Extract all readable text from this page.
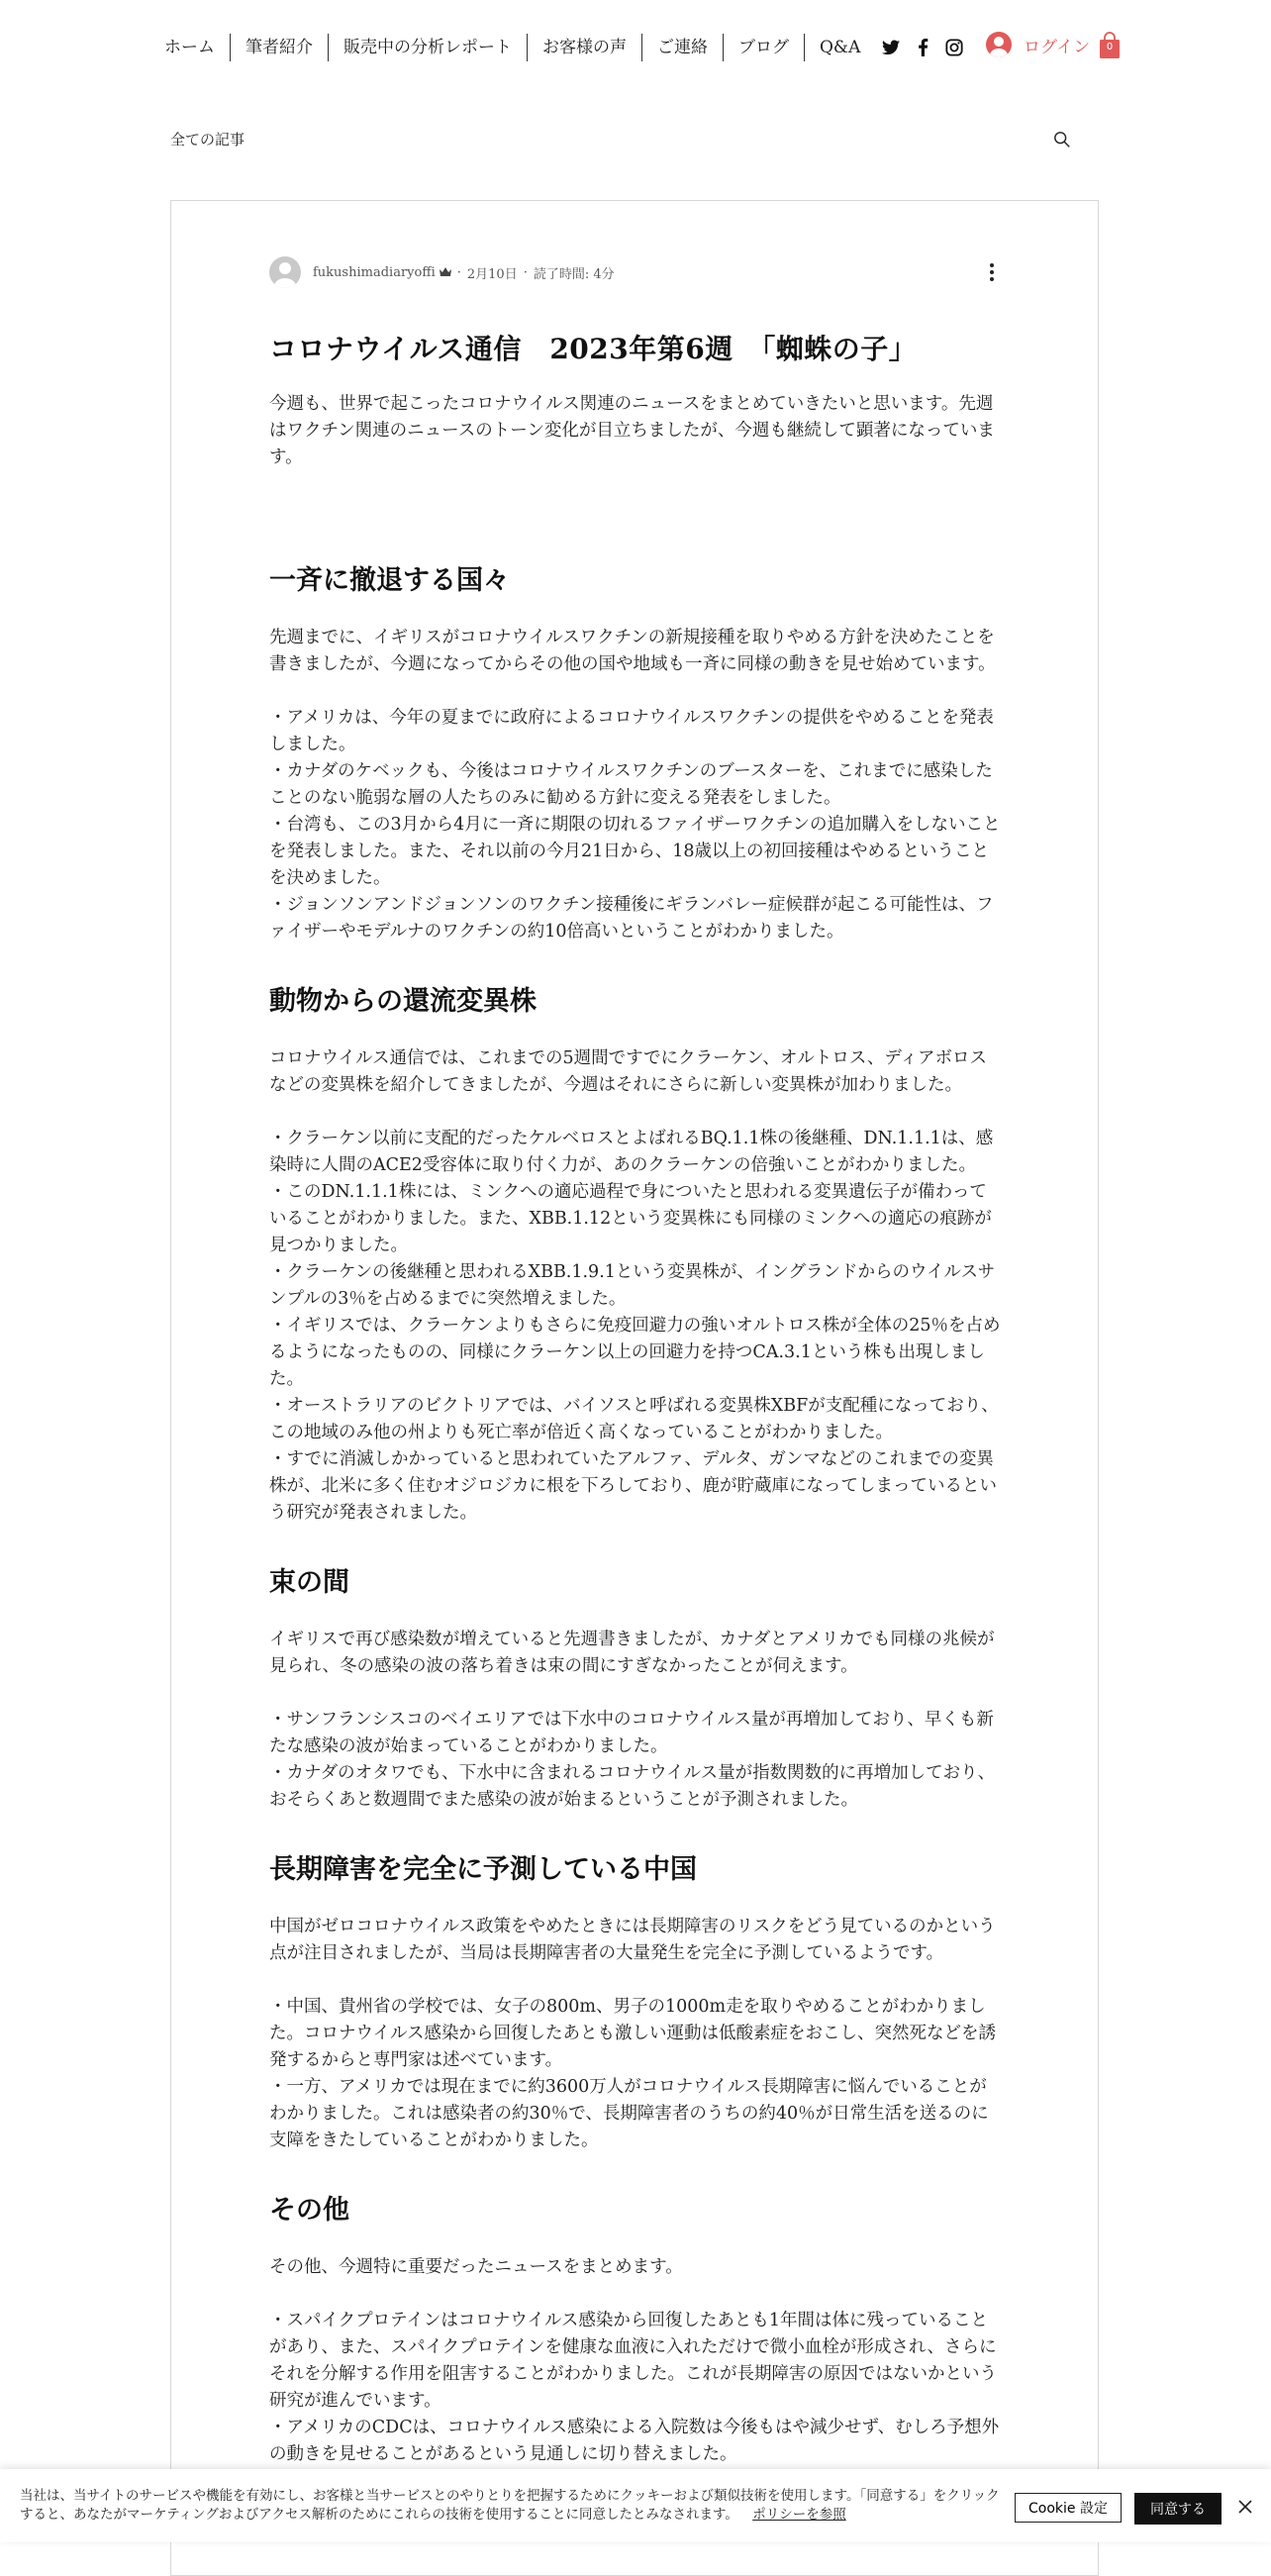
ホーム	筆者紹介	販売中の分析レポート	お客様の声	ご連絡	ブログ	Q&A	ログイン	0
全ての記事
fukushimadiaryoffi · 2月10日 · 読了時間: 4分
コロナウイルス通信　2023年第6週　「蜘蛛の子」

今週も、世界で起こったコロナウイルス関連のニュースをまとめていきたいと思います。先週はワクチン関連のニュースのトーン変化が目立ちましたが、今週も継続して顕著になっています。

一斉に撤退する国々

先週までに、イギリスがコロナウイルスワクチンの新規接種を取りやめる方針を決めたことを書きましたが、今週になってからその他の国や地域も一斉に同様の動きを見せ始めています。

・アメリカは、今年の夏までに政府によるコロナウイルスワクチンの提供をやめることを発表しました。

・カナダのケベックも、今後はコロナウイルスワクチンのブースターを、これまでに感染したことのない脆弱な層の人たちのみに勧める方針に変える発表をしました。

・台湾も、この3月から4月に一斉に期限の切れるファイザーワクチンの追加購入をしないことを発表しました。また、それ以前の今月21日から、18歳以上の初回接種はやめるということを決めました。

・ジョンソンアンドジョンソンのワクチン接種後にギランバレー症候群が起こる可能性は、ファイザーやモデルナのワクチンの約10倍高いということがわかりました。

動物からの還流変異株

コロナウイルス通信では、これまでの5週間ですでにクラーケン、オルトロス、ディアボロスなどの変異株を紹介してきましたが、今週はそれにさらに新しい変異株が加わりました。

・クラーケン以前に支配的だったケルベロスとよばれるBQ.1.1株の後継種、DN.1.1.1は、感染時に人間のACE2受容体に取り付く力が、あのクラーケンの倍強いことがわかりました。

・このDN.1.1.1株には、ミンクへの適応過程で身についたと思われる変異遺伝子が備わっていることがわかりました。また、XBB.1.12という変異株にも同様のミンクへの適応の痕跡が見つかりました。

・クラーケンの後継種と思われるXBB.1.9.1という変異株が、イングランドからのウイルスサンプルの3％を占めるまでに突然増えました。

・イギリスでは、クラーケンよりもさらに免疫回避力の強いオルトロス株が全体の25％を占めるようになったものの、同様にクラーケン以上の回避力を持つCA.3.1という株も出現しました。

・オーストラリアのビクトリアでは、バイソスと呼ばれる変異株XBFが支配種になっており、この地域のみ他の州よりも死亡率が倍近く高くなっていることがわかりました。

・すでに消滅しかかっていると思われていたアルファ、デルタ、ガンマなどのこれまでの変異株が、北米に多く住むオジロジカに根を下ろしており、鹿が貯蔵庫になってしまっているという研究が発表されました。

束の間

イギリスで再び感染数が増えていると先週書きましたが、カナダとアメリカでも同様の兆候が見られ、冬の感染の波の落ち着きは束の間にすぎなかったことが伺えます。

・サンフランシスコのベイエリアでは下水中のコロナウイルス量が再増加しており、早くも新たな感染の波が始まっていることがわかりました。

・カナダのオタワでも、下水中に含まれるコロナウイルス量が指数関数的に再増加しており、おそらくあと数週間でまた感染の波が始まるということが予測されました。

長期障害を完全に予測している中国

中国がゼロコロナウイルス政策をやめたときには長期障害のリスクをどう見ているのかという点が注目されましたが、当局は長期障害者の大量発生を完全に予測しているようです。

・中国、貴州省の学校では、女子の800m、男子の1000m走を取りやめることがわかりました。コロナウイルス感染から回復したあとも激しい運動は低酸素症をおこし、突然死などを誘発するからと専門家は述べています。

・一方、アメリカでは現在までに約3600万人がコロナウイルス長期障害に悩んでいることがわかりました。これは感染者の約30％で、長期障害者のうちの約40％が日常生活を送るのに支障をきたしていることがわかりました。

その他

その他、今週特に重要だったニュースをまとめます。

・スパイクプロテインはコロナウイルス感染から回復したあとも1年間は体に残っていることがあり、また、スパイクプロテインを健康な血液に入れただけで微小血栓が形成され、さらにそれを分解する作用を阻害することがわかりました。これが長期障害の原因ではないかという研究が進んでいます。

・アメリカのCDCは、コロナウイルス感染による入院数は今後もはや減少せず、むしろ予想外の動きを見せることがあるという見通しに切り替えました。

当社は、当サイトのサービスや機能を有効にし、お客様と当サービスとのやりとりを把握するためにクッキーおよび類似技術を使用します。「同意する」をクリックすると、あなたがマーケティングおよびアクセス解析のためにこれらの技術を使用することに同意したとみなされます。 ポリシーを参照	Cookie 設定	同意する
